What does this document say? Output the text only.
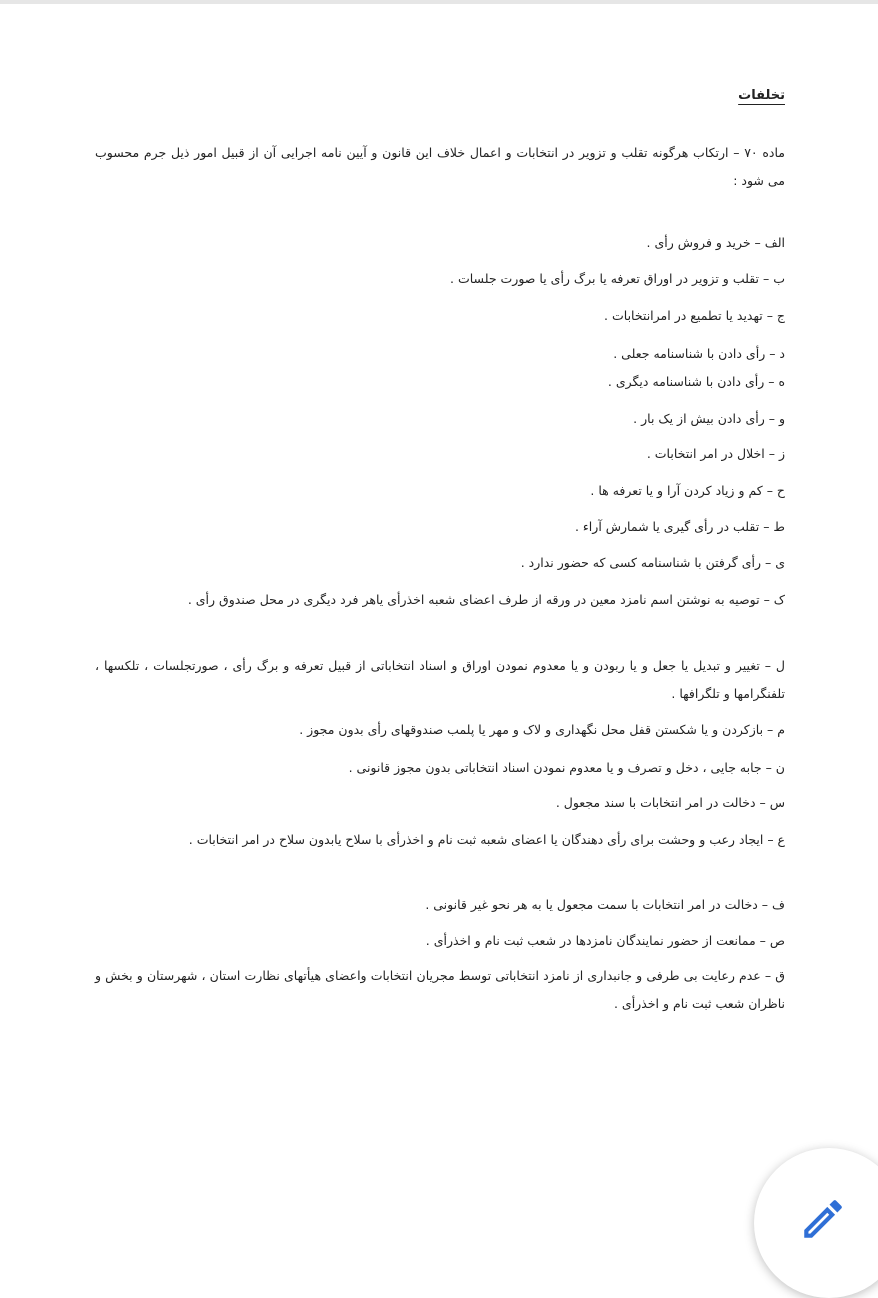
تخلفات
ماده ۷۰ – ارتکاب هرگونه تقلب و تزویر در انتخابات و اعمال خلاف این قانون و آیین نامه اجرایی آن از قبیل امور ذیل جرم محسوب می شود :
الف – خرید و فروش رأی .
ب – تقلب و تزویر در اوراق تعرفه یا برگ رأی یا صورت جلسات .
ج – تهدید یا تطمیع در امرانتخابات .
د – رأی دادن با شناسنامه جعلی .
ه – رأی دادن با شناسنامه دیگری .
و – رأی دادن بیش از یک بار .
ز – اخلال در امر انتخابات .
ح – کم و زیاد کردن آرا و یا تعرفه ها .
ط – تقلب در رأی گیری یا شمارش آراء .
ی – رأی گرفتن با شناسنامه کسی که حضور ندارد .
ک – توصیه به نوشتن اسم نامزد معین در ورقه از طرف اعضای شعبه اخذرأی یاهر فرد دیگری در محل صندوق رأی .
ل – تغییر و تبدیل یا جعل و یا ربودن و یا معدوم نمودن اوراق و اسناد انتخاباتی از قبیل تعرفه و برگ رأی ، صورتجلسات ، تلکسها ، تلفنگرامها و تلگرافها .
م – بازکردن و یا شکستن قفل محل نگهداری و لاک و مهر یا پلمب صندوقهای رأی بدون مجوز .
ن – جابه جایی ، دخل و تصرف و یا معدوم نمودن اسناد انتخاباتی بدون مجوز قانونی .
س – دخالت در امر انتخابات با سند مجعول .
ع – ایجاد رعب و وحشت برای رأی دهندگان یا اعضای شعبه ثبت نام و اخذرأی با سلاح یابدون سلاح در امر انتخابات .
ف – دخالت در امر انتخابات با سمت مجعول یا به هر نحو غیر قانونی .
ص – ممانعت از حضور نمایندگان نامزدها در شعب ثبت نام و اخذرأی .
ق – عدم رعایت بی طرفی و جانبداری از نامزد انتخاباتی توسط مجریان انتخابات واعضای هیأتهای نظارت استان ، شهرستان و بخش و ناظران شعب ثبت نام و اخذرأی .
